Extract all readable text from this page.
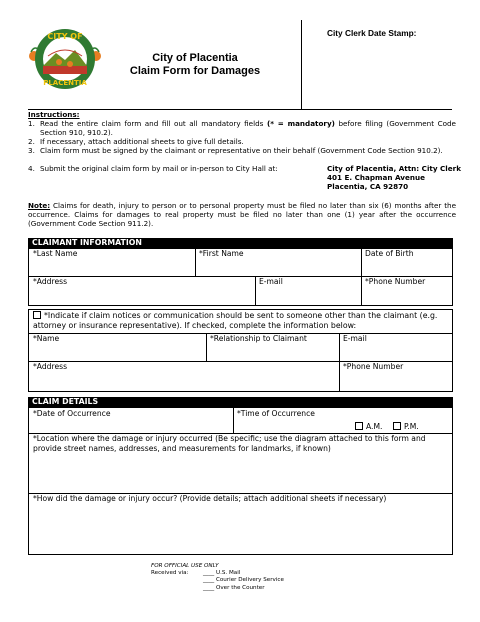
CITY OF
PLACENTIA
City of Placentia
Claim Form for Damages
City Clerk Date Stamp:
Instructions:
1. Read the entire claim form and fill out all mandatory fields (* = mandatory) before filing (Government Code Section 910, 910.2).
2. If necessary, attach additional sheets to give full details.
3. Claim form must be signed by the claimant or representative on their behalf (Government Code Section 910.2).
4. Submit the original claim form by mail or in-person to City Hall at:	City of Placentia, Attn: City Clerk
401 E. Chapman Avenue
Placentia, CA 92870
Note: Claims for death, injury to person or to personal property must be filed no later than six (6) months after the occurrence. Claims for damages to real property must be filed no later than one (1) year after the occurrence (Government Code Section 911.2).
CLAIMANT INFORMATION
*Last Name	*First Name	Date of Birth
*Address	E-mail	*Phone Number
*Indicate if claim notices or communication should be sent to someone other than the claimant (e.g. attorney or insurance representative). If checked, complete the information below:
*Name	*Relationship to Claimant	E-mail
*Address	*Phone Number
CLAIM DETAILS
*Date of Occurrence	*Time of Occurrence
A.M.	P.M.
*Location where the damage or injury occurred (Be specific; use the diagram attached to this form and provide street names, addresses, and measurements for landmarks, if known)
*How did the damage or injury occur? (Provide details; attach additional sheets if necessary)
FOR OFFICIAL USE ONLY
Received via:	____ U.S. Mail
____ Courier Delivery Service
____ Over the Counter
